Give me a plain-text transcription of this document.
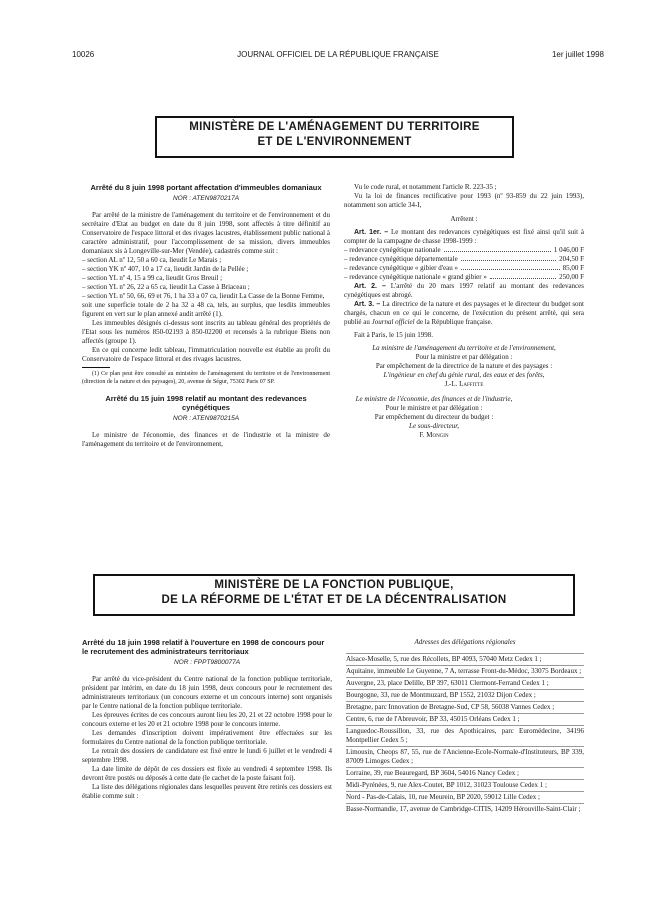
10026	JOURNAL OFFICIEL DE LA RÉPUBLIQUE FRANÇAISE	1er juillet 1998
MINISTÈRE DE L'AMÉNAGEMENT DU TERRITOIRE
ET DE L'ENVIRONNEMENT
Arrêté du 8 juin 1998 portant affectation d'immeubles domaniaux
NOR : ATEN9870217A

Par arrêté de la ministre de l'aménagement du territoire et de l'environnement et du secrétaire d'Etat au budget en date du 8 juin 1998, sont affectés à titre définitif au Conservatoire de l'espace littoral et des rivages lacustres, établissement public national à caractère administratif, pour l'accomplissement de sa mission, divers immeubles domaniaux sis à Longeville-sur-Mer (Vendée), cadastrés comme suit :

– section AL nº 12, 50 a 60 ca, lieudit Le Marais ;
– section YK nº 407, 10 a 17 ca, lieudit Jardin de la Pellée ;
– section YL nº 4, 15 a 99 ca, lieudit Gros Breuil ;
– section YL nº 26, 22 a 65 ca, lieudit La Casse à Briaceau ;
– section YL nº 50, 66, 69 et 76, 1 ha 33 a 07 ca, lieudit La Casse de la Bonne Femme,

soit une superficie totale de 2 ha 32 a 48 ca, tels, au surplus, que lesdits immeubles figurent en vert sur le plan annexé audit arrêté (1).

Les immeubles désignés ci-dessus sont inscrits au tableau général des propriétés de l'Etat sous les numéros 850-02193 à 850-02200 et recensés à la rubrique Biens non affectés (groupe 1).

En ce qui concerne ledit tableau, l'immatriculation nouvelle est établie au profit du Conservatoire de l'espace littoral et des rivages lacustres.

(1) Ce plan peut être consulté au ministère de l'aménagement du territoire et de l'environnement (direction de la nature et des paysages), 20, avenue de Ségur, 75302 Paris 07 SP.

Arrêté du 15 juin 1998 relatif au montant des redevances cynégétiques
NOR : ATEN9870215A

Le ministre de l'économie, des finances et de l'industrie et la ministre de l'aménagement du territoire et de l'environnement,

Vu le code rural, et notamment l'article R. 223-35 ;

Vu la loi de finances rectificative pour 1993 (nº 93-859 du 22 juin 1993), notamment son article 34-I,

Arrêtent :

Art. 1er. – Le montant des redevances cynégétiques est fixé ainsi qu'il suit à compter de la campagne de chasse 1998-1999 :

– redevance cynégétique nationale	1 046,00 F
– redevance cynégétique départementale	204,50 F
– redevance cynégétique « gibier d'eau »	85,00 F
– redevance cynégétique nationale « grand gibier »	250,00 F

Art. 2. – L'arrêté du 20 mars 1997 relatif au montant des redevances cynégétiques est abrogé.

Art. 3. – La directrice de la nature et des paysages et le directeur du budget sont chargés, chacun en ce qui le concerne, de l'exécution du présent arrêté, qui sera publié au Journal officiel de la République française.

Fait à Paris, le 15 juin 1998.

La ministre de l'aménagement du territoire et de l'environnement,
Pour la ministre et par délégation :
Par empêchement de la directrice de la nature et des paysages :
L'ingénieur en chef du génie rural, des eaux et des forêts,
J.-L. Laffitte
Le ministre de l'économie, des finances et de l'industrie,
Pour le ministre et par délégation :
Par empêchement du directeur du budget :
Le sous-directeur,
F. Mongin
MINISTÈRE DE LA FONCTION PUBLIQUE,
DE LA RÉFORME DE L'ÉTAT ET DE LA DÉCENTRALISATION
Arrêté du 18 juin 1998 relatif à l'ouverture en 1998 de concours pour le recrutement des administrateurs territoriaux
NOR : FPPT9800077A

Par arrêté du vice-président du Centre national de la fonction publique territoriale, président par intérim, en date du 18 juin 1998, deux concours pour le recrutement des administrateurs territoriaux (un concours externe et un concours interne) sont organisés par le Centre national de la fonction publique territoriale.

Les épreuves écrites de ces concours auront lieu les 20, 21 et 22 octobre 1998 pour le concours externe et les 20 et 21 octobre 1998 pour le concours interne.

Les demandes d'inscription doivent impérativement être effectuées sur les formulaires du Centre national de la fonction publique territoriale.

Le retrait des dossiers de candidature est fixé entre le lundi 6 juillet et le vendredi 4 septembre 1998.

La date limite de dépôt de ces dossiers est fixée au vendredi 4 septembre 1998. Ils devront être postés ou déposés à cette date (le cachet de la poste faisant foi).

La liste des délégations régionales dans lesquelles peuvent être retirés ces dossiers est établie comme suit :

Adresses des délégations régionales
Alsace-Moselle, 5, rue des Récollets, BP 4093, 57040 Metz Cedex 1 ;
Aquitaine, immeuble Le Guyenne, 7 A, terrasse Front-du-Médoc, 33075 Bordeaux ;
Auvergne, 23, place Delille, BP 397, 63011 Clermont-Ferrand Cedex 1 ;
Bourgogne, 33, rue de Montmuzard, BP 1552, 21032 Dijon Cedex ;
Bretagne, parc Innovation de Bretagne-Sud, CP 58, 56038 Vannes Cedex ;
Centre, 6, rue de l'Abreuvoir, BP 33, 45015 Orléans Cedex 1 ;
Languedoc-Roussillon, 33, rue des Apothicaires, parc Euromédecine, 34196 Montpellier Cedex 5 ;
Limousin, Cheops 87, 55, rue de l'Ancienne-Ecole-Normale-d'Instituteurs, BP 339, 87009 Limoges Cedex ;
Lorraine, 39, rue Beauregard, BP 3604, 54016 Nancy Cedex ;
Midi-Pyrénées, 9, rue Alex-Coutet, BP 1012, 31023 Toulouse Cedex 1 ;
Nord - Pas-de-Calais, 10, rue Meurein, BP 2020, 59012 Lille Cedex ;
Basse-Normandie, 17, avenue de Cambridge-CITIS, 14209 Hérouville-Saint-Clair ;
